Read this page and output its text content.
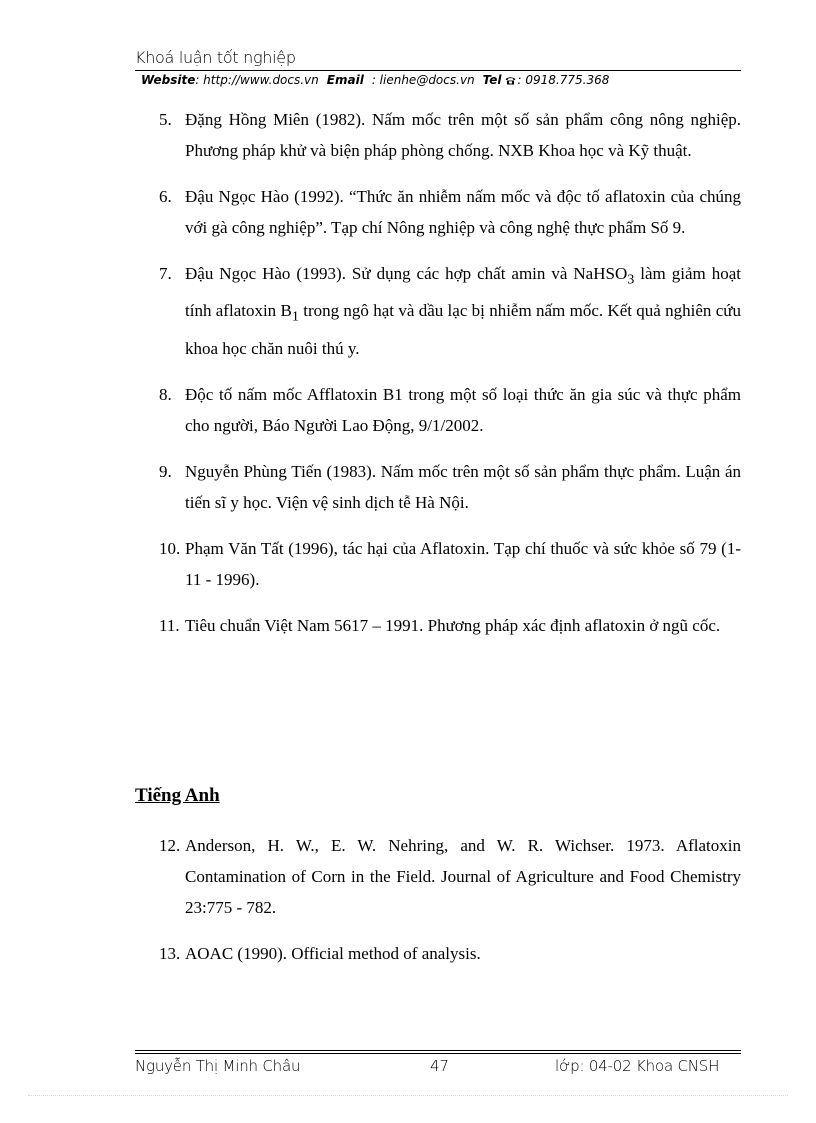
Khoá luận tốt nghiệp
Website: http://www.docs.vn Email : lienhe@docs.vn Tel : 0918.775.368
5. Đặng Hồng Miên (1982). Nấm mốc trên một số sản phẩm công nông nghiệp. Phương pháp khử và biện pháp phòng chống. NXB Khoa học và Kỹ thuật.
6. Đậu Ngọc Hào (1992). “Thức ăn nhiễm nấm mốc và độc tố aflatoxin của chúng với gà công nghiệp”. Tạp chí Nông nghiệp và công nghệ thực phẩm Số 9.
7. Đậu Ngọc Hào (1993). Sử dụng các hợp chất amin và NaHSO$_3$ làm giảm hoạt tính aflatoxin $B_1$ trong ngô hạt và dầu lạc bị nhiễm nấm mốc. Kết quả nghiên cứu khoa học chăn nuôi thú y.
8. Độc tố nấm mốc Afflatoxin B1 trong một số loại thức ăn gia súc và thực phẩm cho người, Báo Người Lao Động, 9/1/2002.
9. Nguyễn Phùng Tiến (1983). Nấm mốc trên một số sản phẩm thực phẩm. Luận án tiến sĩ y học. Viện vệ sinh dịch tễ Hà Nội.
10. Phạm Văn Tất (1996), tác hại của Aflatoxin. Tạp chí thuốc và sức khỏe số 79 (1- 11 - 1996).
11. Tiêu chuẩn Việt Nam 5617 – 1991. Phương pháp xác định aflatoxin ở ngũ cốc.
Tiếng Anh
12. Anderson, H. W., E. W. Nehring, and W. R. Wichser. 1973. Aflatoxin Contamination of Corn in the Field. Journal of Agriculture and Food Chemistry 23:775 - 782.
13. AOAC (1990). Official method of analysis.
Nguyễn Thị Minh Châu	47	lớp: 04-02 Khoa CNSH
